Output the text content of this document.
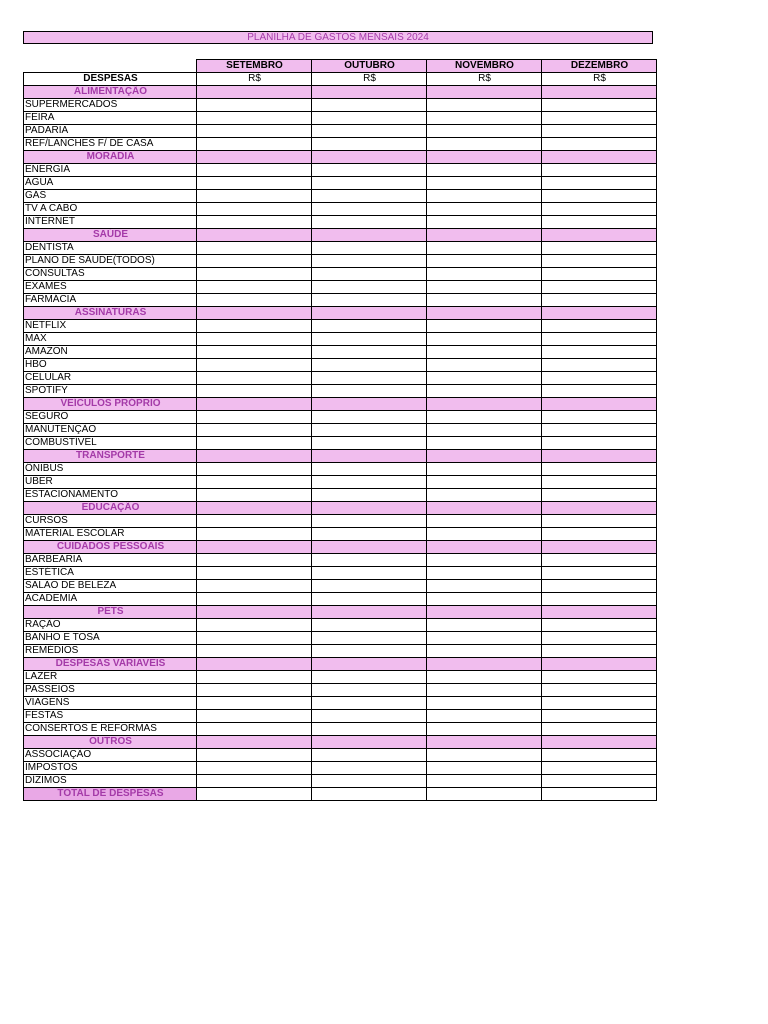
PLANILHA DE GASTOS MENSAIS 2024
	SETEMBRO	OUTUBRO	NOVEMBRO	DEZEMBRO
DESPESAS	R$	R$	R$	R$
ALIMENTAÇÃO				
SUPERMERCADOS				
FEIRA				
PADARIA				
REF/LANCHES F/ DE CASA				
MORADIA				
ENERGIA				
ÁGUA				
GÁS				
TV A CABO				
INTERNET				
SAÚDE				
DENTISTA				
PLANO DE SÁUDE(TODOS)				
CONSULTAS				
EXAMES				
FARMÁCIA				
ASSINATURAS				
NETFLIX				
MAX				
AMAZON				
HBO				
CELULAR				
SPOTIFY				
VEÍCULOS PRÓPRIO				
SEGURO				
MANUTENÇÃO				
COMBUSTÍVEL				
TRANSPORTE				
ÔNIBUS				
UBER				
ESTACIONAMENTO				
EDUCAÇÃO				
CURSOS				
MATERIAL ESCOLAR				
CUIDADOS PESSOAIS				
BARBEARIA				
ESTÉTICA				
SALÃO DE BELEZA				
ACADEMIA				
PETS				
RAÇÃO				
BANHO E TOSA				
REMÉDIOS				
DESPESAS VARIAVEIS				
LAZER				
PASSEIOS				
VIAGENS				
FESTAS				
CONSERTOS E REFORMAS				
OUTROS				
ASSOCIAÇÃO				
IMPOSTOS				
DÍZIMOS				
TOTAL DE DESPESAS				
